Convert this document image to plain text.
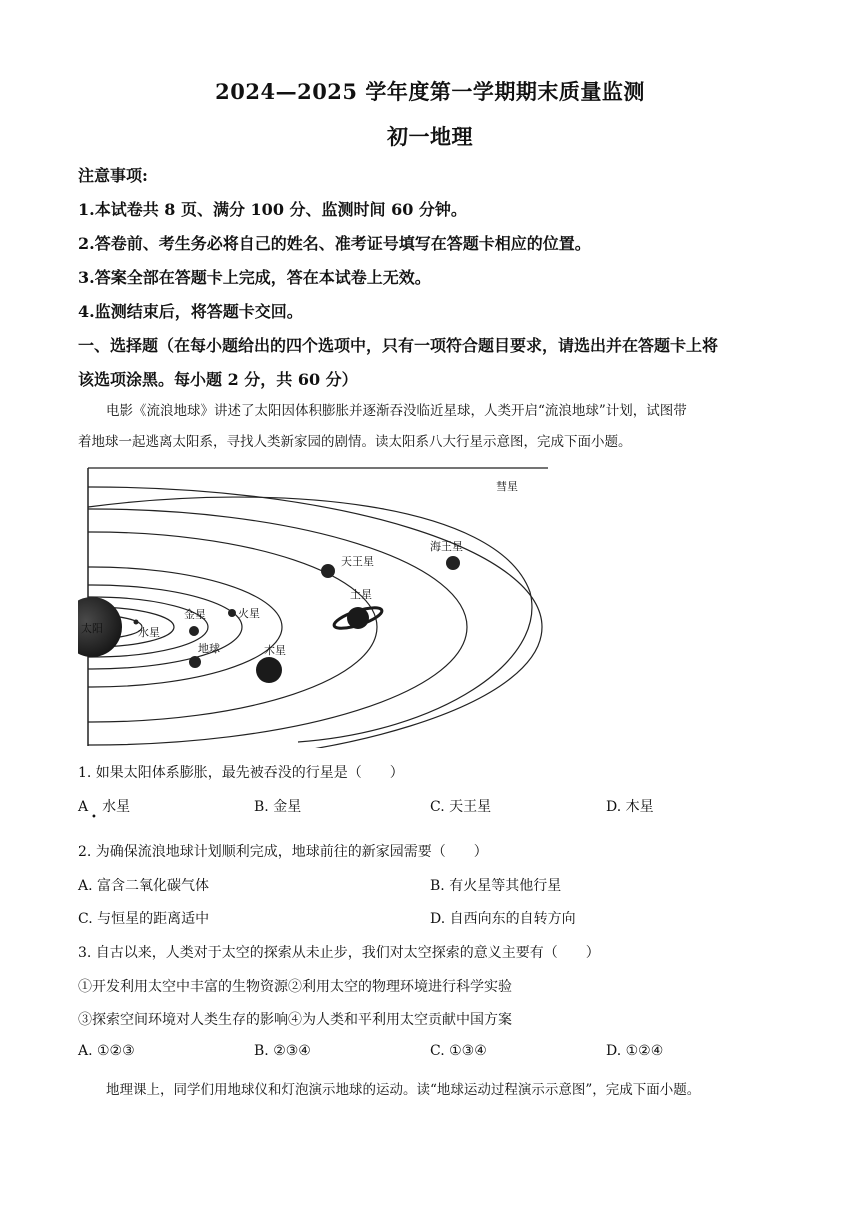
2024—2025 学年度第一学期期末质量监测
初一地理
注意事项:
1.本试卷共 8 页、满分 100 分、监测时间 60 分钟。
2.答卷前、考生务必将自己的姓名、准考证号填写在答题卡相应的位置。
3.答案全部在答题卡上完成，答在本试卷上无效。
4.监测结束后，将答题卡交回。
一、选择题（在每小题给出的四个选项中，只有一项符合题目要求，请选出并在答题卡上将
该选项涂黑。每小题 2 分，共 60 分）
电影《流浪地球》讲述了太阳因体积膨胀并逐渐吞没临近星球，人类开启“流浪地球”计划，试图带
着地球一起逃离太阳系，寻找人类新家园的剧情。读太阳系八大行星示意图，完成下面小题。
太阳	水星
金星
地球
火星
木星
土星
天王星
海王星
彗星
1. 如果太阳体系膨胀，最先被吞没的行星是（　　）
A　水星
•
B. 金星	C. 天王星	D. 木星
2. 为确保流浪地球计划顺利完成，地球前往的新家园需要（　　）
A. 富含二氧化碳气体	B. 有火星等其他行星
C. 与恒星的距离适中	D. 自西向东的自转方向
3. 自古以来，人类对于太空的探索从未止步，我们对太空探索的意义主要有（　　）
①开发利用太空中丰富的生物资源②利用太空的物理环境进行科学实验
③探索空间环境对人类生存的影响④为人类和平利用太空贡献中国方案
A. ①②③	B. ②③④	C. ①③④	D. ①②④
地理课上，同学们用地球仪和灯泡演示地球的运动。读“地球运动过程演示示意图”，完成下面小题。
